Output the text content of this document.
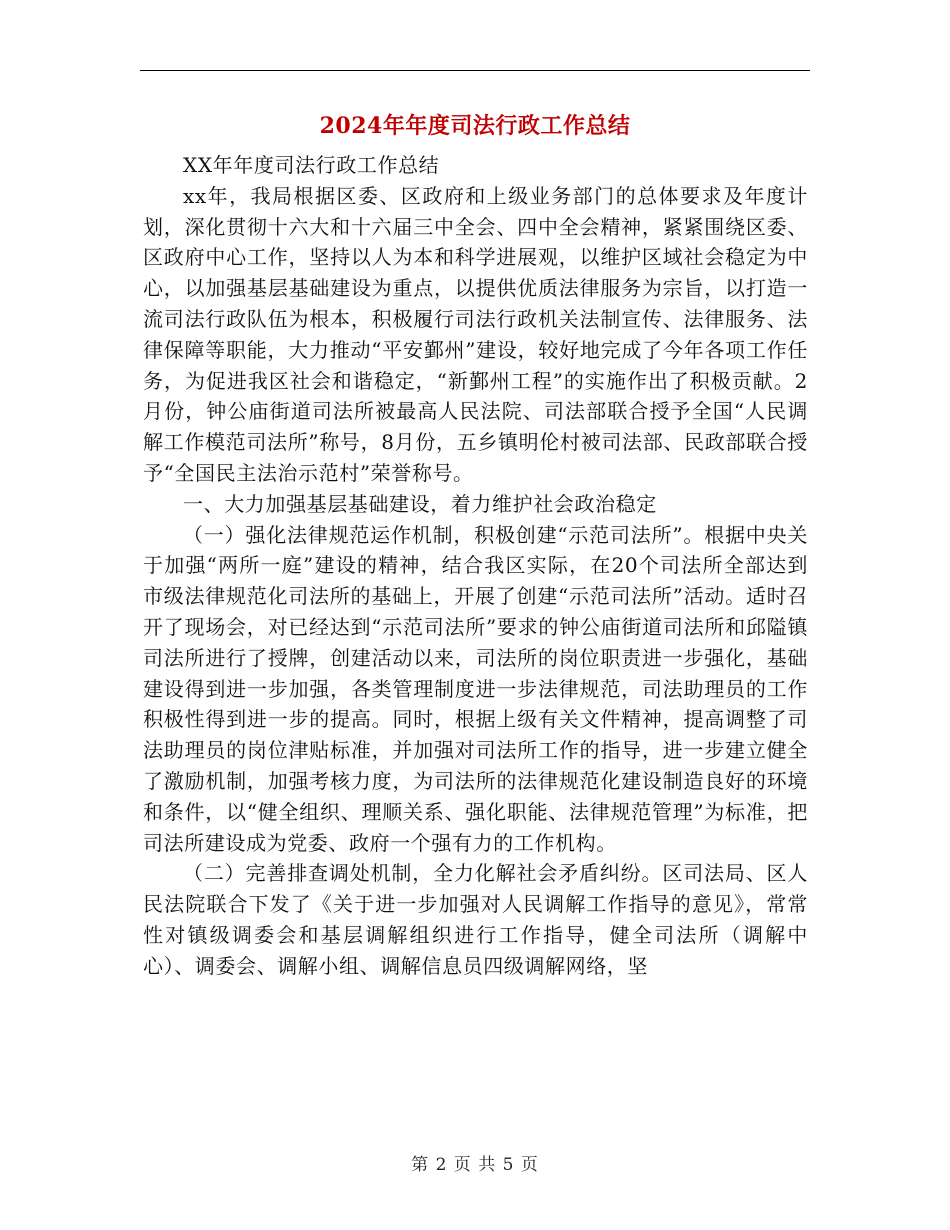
2024年年度司法行政工作总结

XX年年度司法行政工作总结

xx年，我局根据区委、区政府和上级业务部门的总体要求及年度计划，深化贯彻十六大和十六届三中全会、四中全会精神，紧紧围绕区委、区政府中心工作，坚持以人为本和科学进展观，以维护区域社会稳定为中心，以加强基层基础建设为重点，以提供优质法律服务为宗旨，以打造一流司法行政队伍为根本，积极履行司法行政机关法制宣传、法律服务、法律保障等职能，大力推动“平安鄞州”建设，较好地完成了今年各项工作任务，为促进我区社会和谐稳定，“新鄞州工程”的实施作出了积极贡献。2月份，钟公庙街道司法所被最高人民法院、司法部联合授予全国“人民调解工作模范司法所”称号，8月份，五乡镇明伦村被司法部、民政部联合授予“全国民主法治示范村”荣誉称号。

一、大力加强基层基础建设，着力维护社会政治稳定

（一）强化法律规范运作机制，积极创建“示范司法所”。根据中央关于加强“两所一庭”建设的精神，结合我区实际，在20个司法所全部达到市级法律规范化司法所的基础上，开展了创建“示范司法所”活动。适时召开了现场会，对已经达到“示范司法所”要求的钟公庙街道司法所和邱隘镇司法所进行了授牌，创建活动以来，司法所的岗位职责进一步强化，基础建设得到进一步加强，各类管理制度进一步法律规范，司法助理员的工作积极性得到进一步的提高。同时，根据上级有关文件精神，提高调整了司法助理员的岗位津贴标准，并加强对司法所工作的指导，进一步建立健全了激励机制，加强考核力度，为司法所的法律规范化建设制造良好的环境和条件，以“健全组织、理顺关系、强化职能、法律规范管理”为标准，把司法所建设成为党委、政府一个强有力的工作机构。

（二）完善排查调处机制，全力化解社会矛盾纠纷。区司法局、区人民法院联合下发了《关于进一步加强对人民调解工作指导的意见》，常常性对镇级调委会和基层调解组织进行工作指导，健全司法所（调解中心）、调委会、调解小组、调解信息员四级调解网络，坚

第 2 页 共 5 页
